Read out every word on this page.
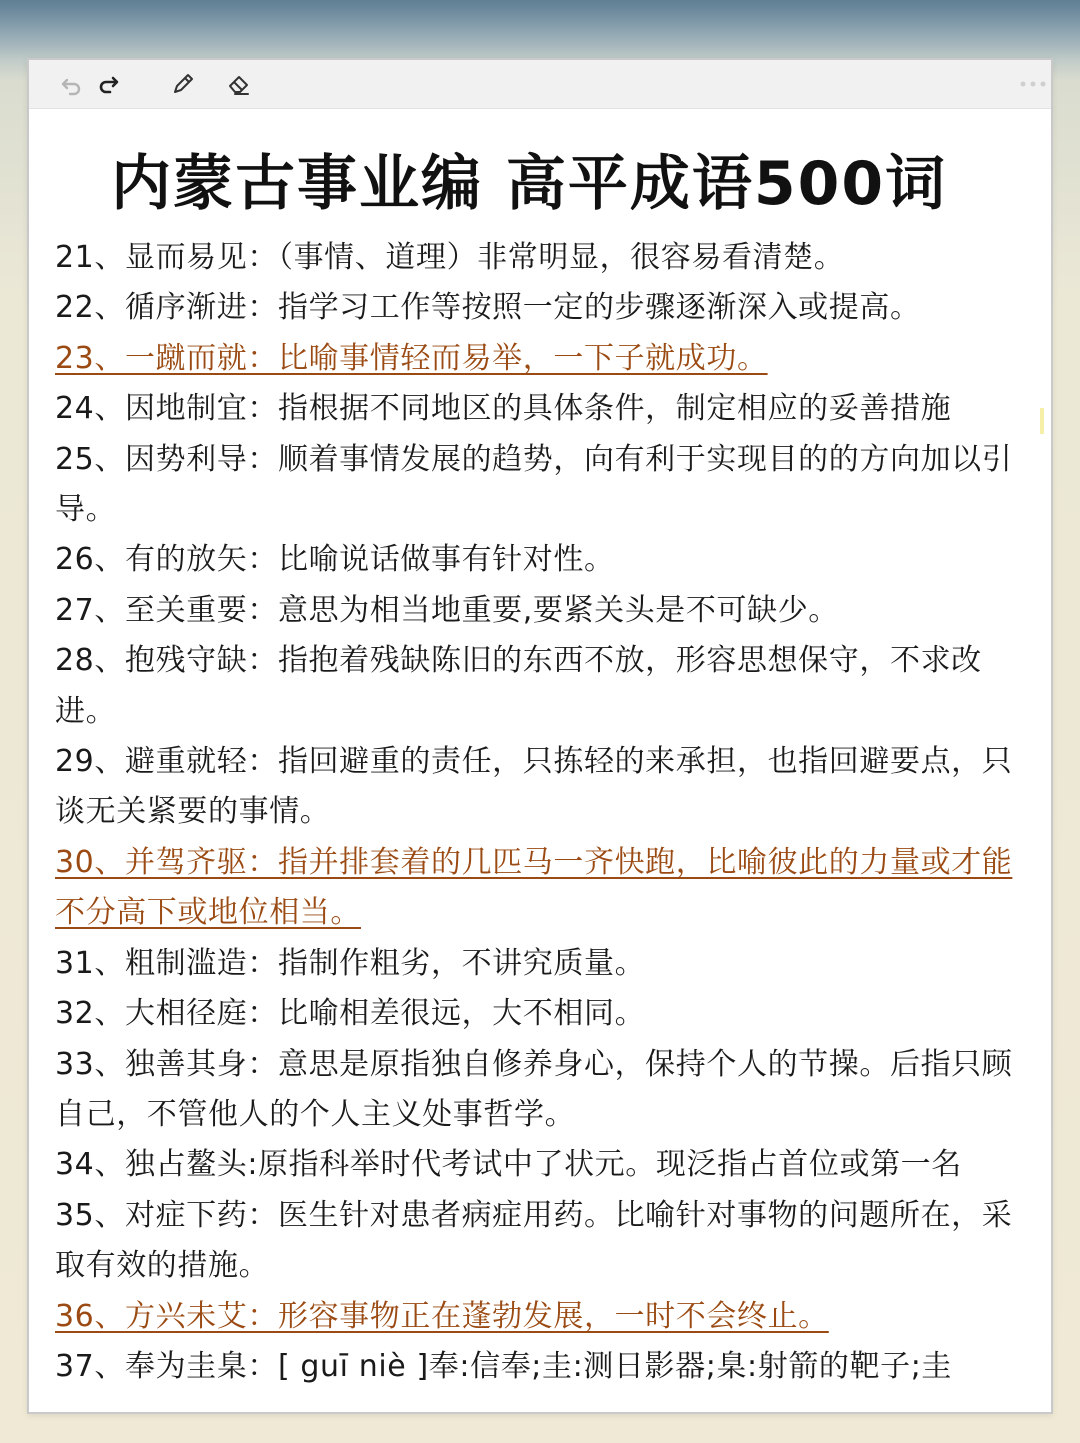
内蒙古事业编 高平成语500词
21、显而易见：（事情、道理）非常明显，很容易看清楚。
22、循序渐进：指学习工作等按照一定的步骤逐渐深入或提高。
23、一蹴而就：比喻事情轻而易举，一下子就成功。
24、因地制宜：指根据不同地区的具体条件，制定相应的妥善措施
25、因势利导：顺着事情发展的趋势，向有利于实现目的的方向加以引导。
26、有的放矢：比喻说话做事有针对性。
27、至关重要：意思为相当地重要,要紧关头是不可缺少。
28、抱残守缺：指抱着残缺陈旧的东西不放，形容思想保守，不求改进。
29、避重就轻：指回避重的责任，只拣轻的来承担，也指回避要点，只谈无关紧要的事情。
30、并驾齐驱：指并排套着的几匹马一齐快跑，比喻彼此的力量或才能不分高下或地位相当。
31、粗制滥造：指制作粗劣，不讲究质量。
32、大相径庭：比喻相差很远，大不相同。
33、独善其身：意思是原指独自修养身心，保持个人的节操。后指只顾自己，不管他人的个人主义处事哲学。
34、独占鳌头:原指科举时代考试中了状元。现泛指占首位或第一名
35、对症下药：医生针对患者病症用药。比喻针对事物的问题所在，采取有效的措施。
36、方兴未艾：形容事物正在蓬勃发展，一时不会终止。
37、奉为圭臬：[ guī niè ]奉:信奉;圭:测日影器;臬:射箭的靶子;圭
